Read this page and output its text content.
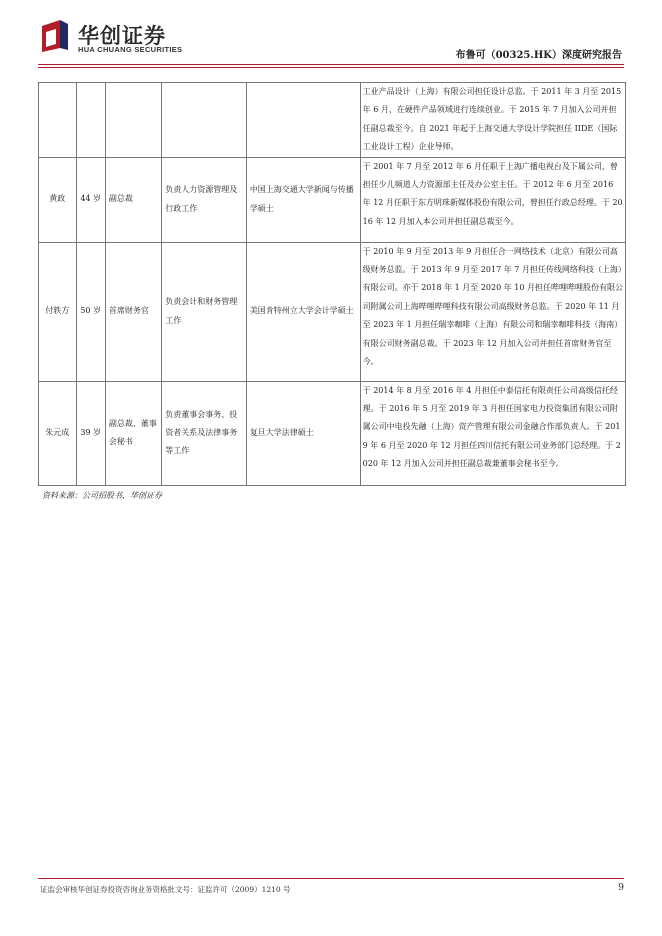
华创证券
HUA CHUANG SECURITIES
布鲁可（00325.HK）深度研究报告
					工业产品设计（上海）有限公司担任设计总监。于 2011 年 3 月至 2015 年 6 月，在硬件产品领域进行连续创业。于 2015 年 7 月加入公司并担任副总裁至今。自 2021 年起于上海交通大学设计学院担任 IIDE（国际工业设计工程）企业导师。
黄政	44 岁	副总裁	负责人力资源管理及行政工作	中国上海交通大学新闻与传播学硕士	于 2001 年 7 月至 2012 年 6 月任职于上海广播电视台及下属公司，曾担任少儿频道人力资源部主任及办公室主任。于 2012 年 6 月至 2016 年 12 月任职于东方明珠新媒体股份有限公司，曾担任行政总经理。于 2016 年 12 月加入本公司并担任副总裁至今。
付轶方	50 岁	首席财务官	负责会计和财务管理工作	美国肯特州立大学会计学硕士	于 2010 年 9 月至 2013 年 9 月担任合一网络技术（北京）有限公司高级财务总监。于 2013 年 9 月至 2017 年 7 月担任传线网络科技（上海）有限公司。亦于 2018 年 1 月至 2020 年 10 月担任哔哩哔哩股份有限公司附属公司上海哔哩哔哩科技有限公司高级财务总监。于 2020 年 11 月至 2023 年 1 月担任瑞幸咖啡（上海）有限公司和瑞幸咖啡科技（海南）有限公司财务副总裁。于 2023 年 12 月加入公司并担任首席财务官至今。
朱元成	39 岁	副总裁、董事会秘书	负责董事会事务、投资者关系及法律事务等工作	复旦大学法律硕士	于 2014 年 8 月至 2016 年 4 月担任中泰信托有限责任公司高级信托经理。于 2016 年 5 月至 2019 年 3 月担任国家电力投资集团有限公司附属公司中电投先融（上海）资产管理有限公司金融合作部负责人。于 2019 年 6 月至 2020 年 12 月担任四川信托有限公司业务部门总经理。于 2020 年 12 月加入公司并担任副总裁兼董事会秘书至今。
资料来源：公司招股书，华创证券
证监会审核华创证券投资咨询业务资格批文号：证监许可（2009）1210 号	9
